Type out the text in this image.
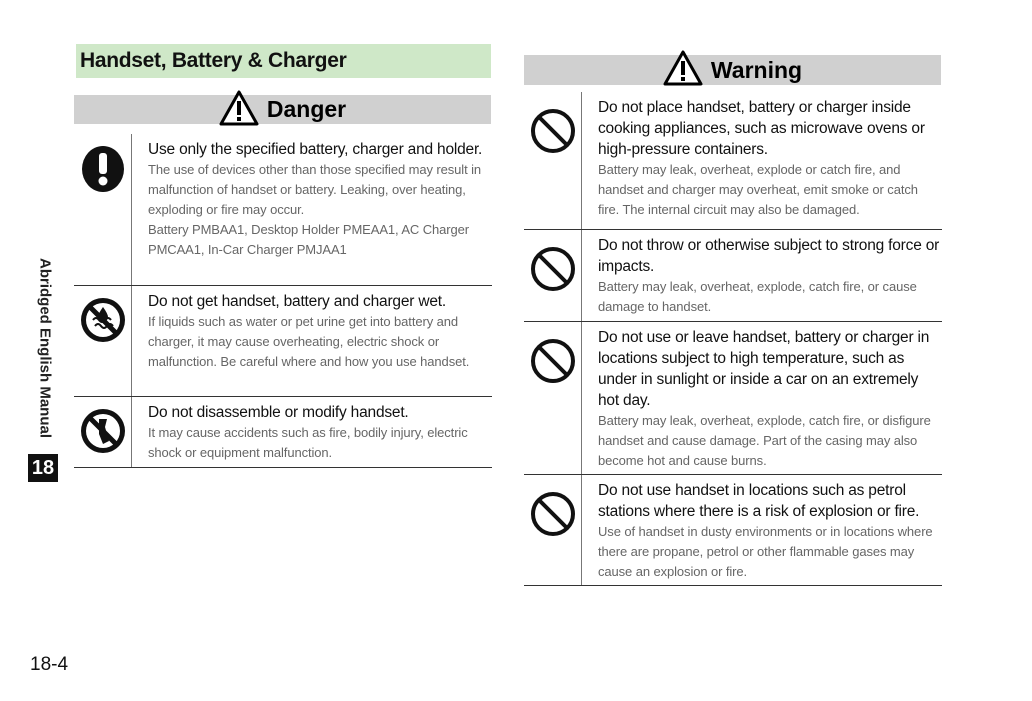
Handset, Battery & Charger
Danger
Use only the specified battery, charger and holder.
The use of devices other than those specified may result in malfunction of handset or battery. Leaking, over heating, exploding or fire may occur.
Battery PMBAA1, Desktop Holder PMEAA1, AC Charger PMCAA1, In-Car Charger PMJAA1
Do not get handset, battery and charger wet.
If liquids such as water or pet urine get into battery and charger, it may cause overheating, electric shock or malfunction. Be careful where and how you use handset.
Do not disassemble or modify handset.
It may cause accidents such as fire, bodily injury, electric shock or equipment malfunction.
Warning
Do not place handset, battery or charger inside cooking appliances, such as microwave ovens or high-pressure containers.
Battery may leak, overheat, explode or catch fire, and handset and charger may overheat, emit smoke or catch fire. The internal circuit may also be damaged.
Do not throw or otherwise subject to strong force or impacts.
Battery may leak, overheat, explode, catch fire, or cause damage to handset.
Do not use or leave handset, battery or charger in locations subject to high temperature, such as under in sunlight or inside a car on an extremely hot day.
Battery may leak, overheat, explode, catch fire, or disfigure handset and cause damage. Part of the casing may also become hot and cause burns.
Do not use handset in locations such as petrol stations where there is a risk of explosion or fire.
Use of handset in dusty environments or in locations where there are propane, petrol or other flammable gases may cause an explosion or fire.
Abridged English Manual
18
18-4
